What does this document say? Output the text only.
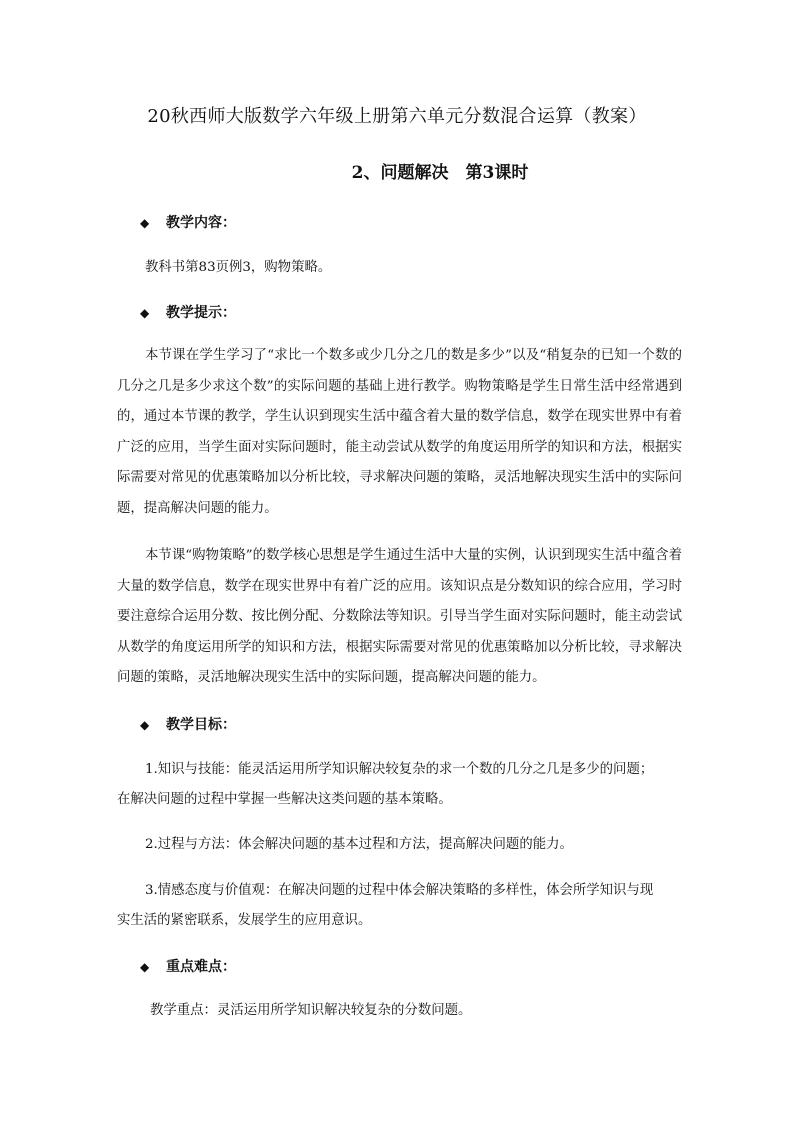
20秋西师大版数学六年级上册第六单元分数混合运算（教案）
2、问题解决　第3课时
◆ 教学内容：

教科书第83页例3，购物策略。

◆ 教学提示：

本节课在学生学习了“求比一个数多或少几分之几的数是多少”以及“稍复杂的已知一个数的几分之几是多少求这个数”的实际问题的基础上进行教学。购物策略是学生日常生活中经常遇到的，通过本节课的教学，学生认识到现实生活中蕴含着大量的数学信息，数学在现实世界中有着广泛的应用，当学生面对实际问题时，能主动尝试从数学的角度运用所学的知识和方法，根据实际需要对常见的优惠策略加以分析比较，寻求解决问题的策略，灵活地解决现实生活中的实际问题，提高解决问题的能力。

本节课“购物策略”的数学核心思想是学生通过生活中大量的实例，认识到现实生活中蕴含着大量的数学信息，数学在现实世界中有着广泛的应用。该知识点是分数知识的综合应用，学习时要注意综合运用分数、按比例分配、分数除法等知识。引导当学生面对实际问题时，能主动尝试从数学的角度运用所学的知识和方法，根据实际需要对常见的优惠策略加以分析比较，寻求解决问题的策略，灵活地解决现实生活中的实际问题，提高解决问题的能力。

◆ 教学目标：

1.知识与技能：能灵活运用所学知识解决较复杂的求一个数的几分之几是多少的问题；

在解决问题的过程中掌握一些解决这类问题的基本策略。

2.过程与方法：体会解决问题的基本过程和方法，提高解决问题的能力。

3.情感态度与价值观：在解决问题的过程中体会解决策略的多样性，体会所学知识与现

实生活的紧密联系，发展学生的应用意识。

◆ 重点难点：

教学重点：灵活运用所学知识解决较复杂的分数问题。
